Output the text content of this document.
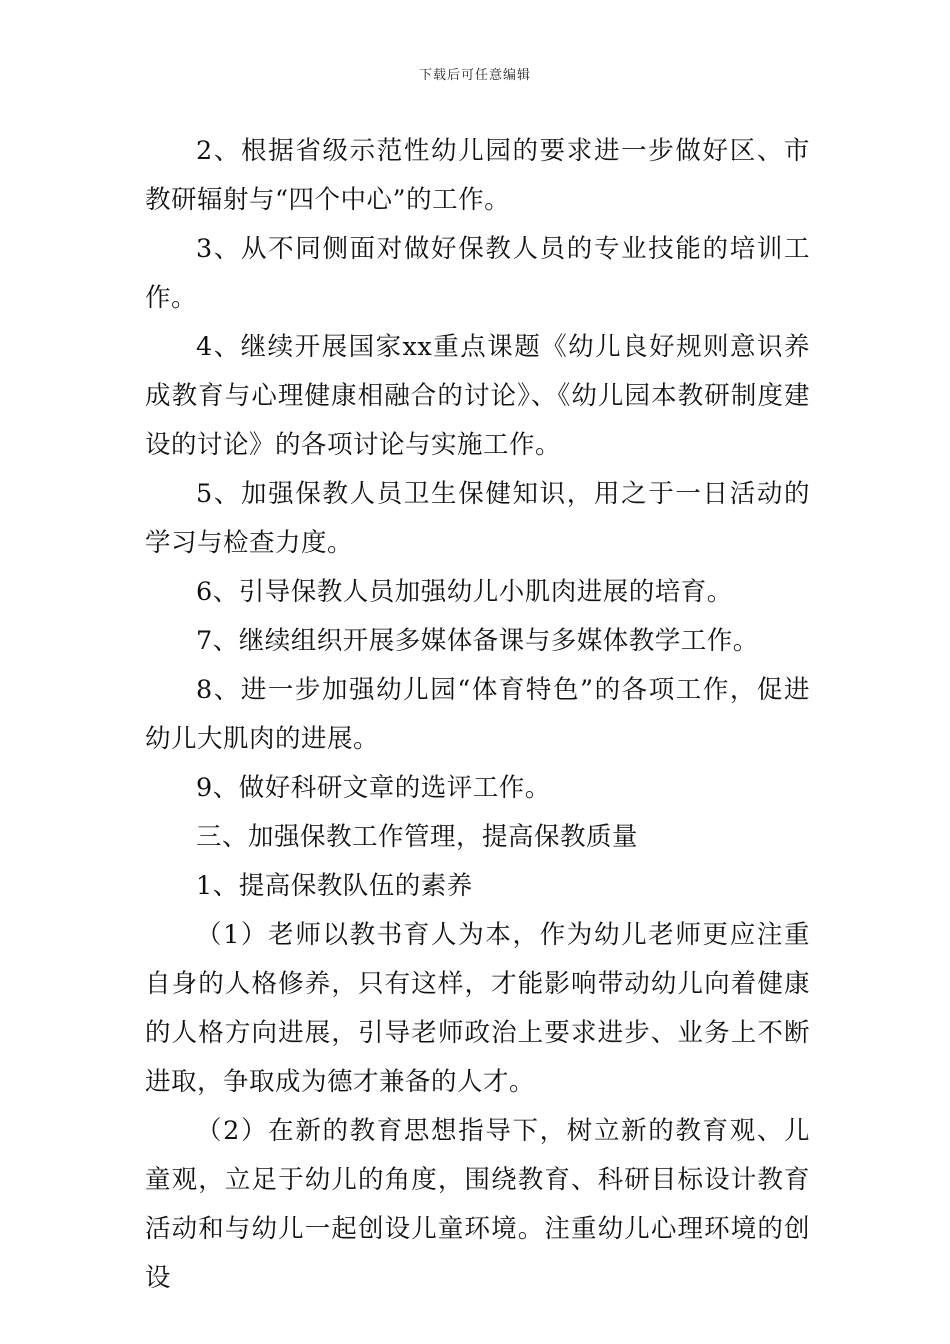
下载后可任意编辑

2、根据省级示范性幼儿园的要求进一步做好区、市教研辐射与“四个中心”的工作。

3、从不同侧面对做好保教人员的专业技能的培训工作。

4、继续开展国家xx重点课题《幼儿良好规则意识养成教育与心理健康相融合的讨论》、《幼儿园本教研制度建设的讨论》的各项讨论与实施工作。

5、加强保教人员卫生保健知识，用之于一日活动的学习与检查力度。

6、引导保教人员加强幼儿小肌肉进展的培育。

7、继续组织开展多媒体备课与多媒体教学工作。

8、进一步加强幼儿园“体育特色”的各项工作，促进幼儿大肌肉的进展。

9、做好科研文章的选评工作。

三、加强保教工作管理，提高保教质量

1、提高保教队伍的素养

（1）老师以教书育人为本，作为幼儿老师更应注重自身的人格修养，只有这样，才能影响带动幼儿向着健康的人格方向进展，引导老师政治上要求进步、业务上不断进取，争取成为德才兼备的人才。

（2）在新的教育思想指导下，树立新的教育观、儿童观，立足于幼儿的角度，围绕教育、科研目标设计教育活动和与幼儿一起创设儿童环境。注重幼儿心理环境的创设
